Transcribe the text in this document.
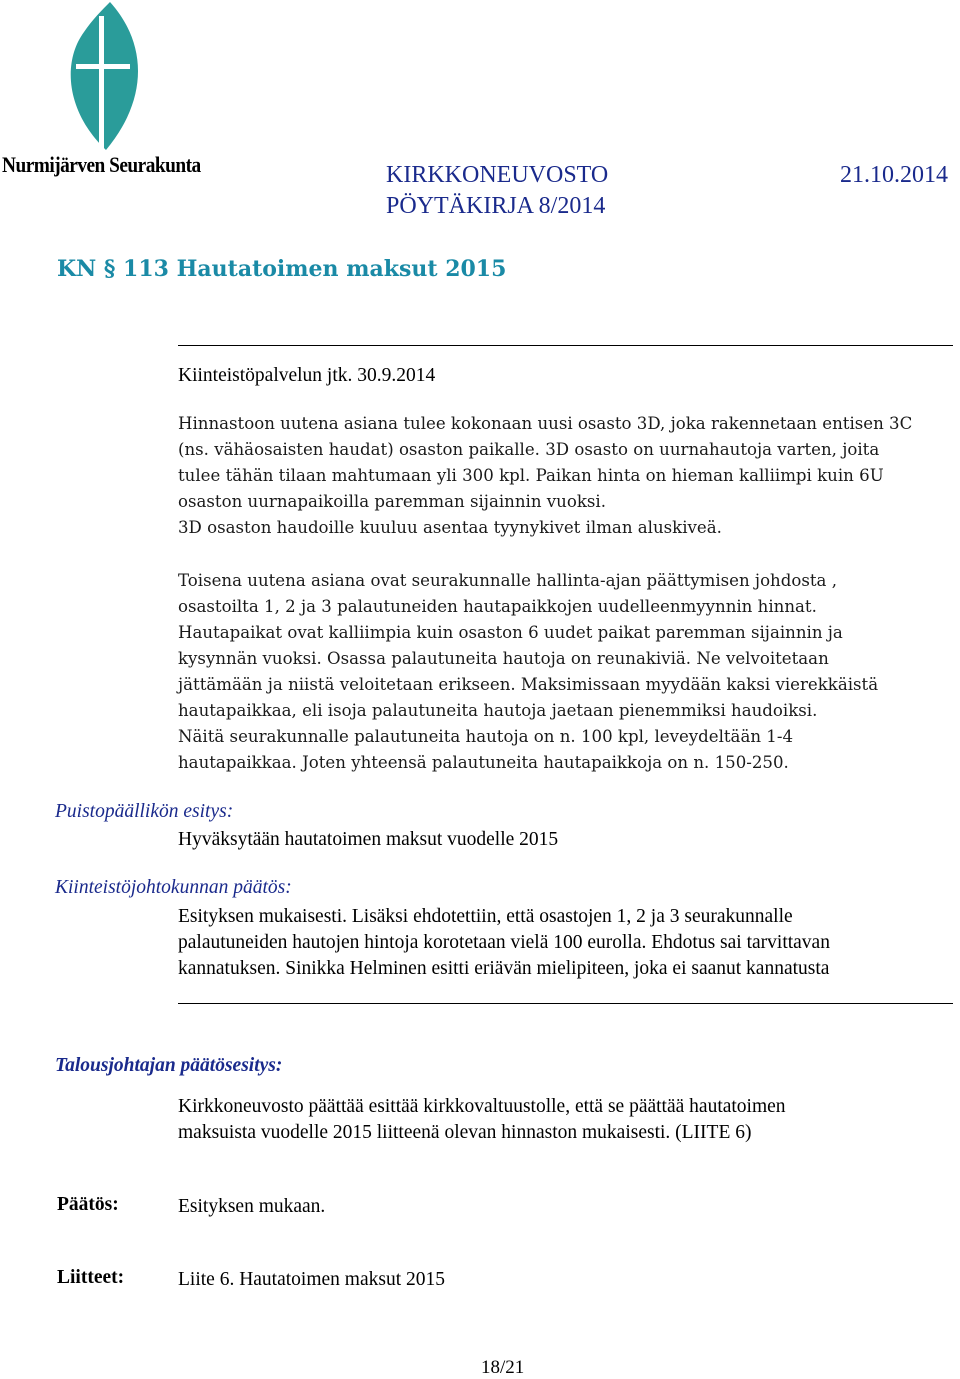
Nurmijärven Seurakunta	KIRKKONEUVOSTO
PÖYTÄKIRJA 8/2014
21.10.2014
KN § 113 Hautatoimen maksut 2015
Kiinteistöpalvelun jtk. 30.9.2014
Hinnastoon uutena asiana tulee kokonaan uusi osasto 3D, joka rakennetaan entisen 3C
(ns. vähäosaisten haudat) osaston paikalle. 3D osasto on uurnahautoja varten, joita
tulee tähän tilaan mahtumaan yli 300 kpl. Paikan hinta on hieman kalliimpi kuin 6U
osaston uurnapaikoilla paremman sijainnin vuoksi.
3D osaston haudoille kuuluu asentaa tyynykivet ilman aluskiveä.
Toisena uutena asiana ovat seurakunnalle hallinta-ajan päättymisen johdosta ,
osastoilta 1, 2 ja 3 palautuneiden hautapaikkojen uudelleenmyynnin hinnat.
Hautapaikat ovat kalliimpia kuin osaston 6 uudet paikat paremman sijainnin ja
kysynnän vuoksi. Osassa palautuneita hautoja on reunakiviä. Ne velvoitetaan
jättämään ja niistä veloitetaan erikseen. Maksimissaan myydään kaksi vierekkäistä
hautapaikkaa, eli isoja palautuneita hautoja jaetaan pienemmiksi haudoiksi.
Näitä seurakunnalle palautuneita hautoja on n. 100 kpl, leveydeltään 1-4
hautapaikkaa. Joten yhteensä palautuneita hautapaikkoja on n. 150-250.
Puistopäällikön esitys:
Hyväksytään hautatoimen maksut vuodelle 2015
Kiinteistöjohtokunnan päätös:
Esityksen mukaisesti. Lisäksi ehdotettiin, että osastojen 1, 2 ja 3 seurakunnalle
palautuneiden hautojen hintoja korotetaan vielä 100 eurolla. Ehdotus sai tarvittavan
kannatuksen. Sinikka Helminen esitti eriävän mielipiteen, joka ei saanut kannatusta
Talousjohtajan päätösesitys:
Kirkkoneuvosto päättää esittää kirkkovaltuustolle, että se päättää hautatoimen
maksuista vuodelle 2015 liitteenä olevan hinnaston mukaisesti. (LIITE 6)
Päätös:	Esityksen mukaan.
Liitteet:	Liite 6. Hautatoimen maksut 2015
18/21
